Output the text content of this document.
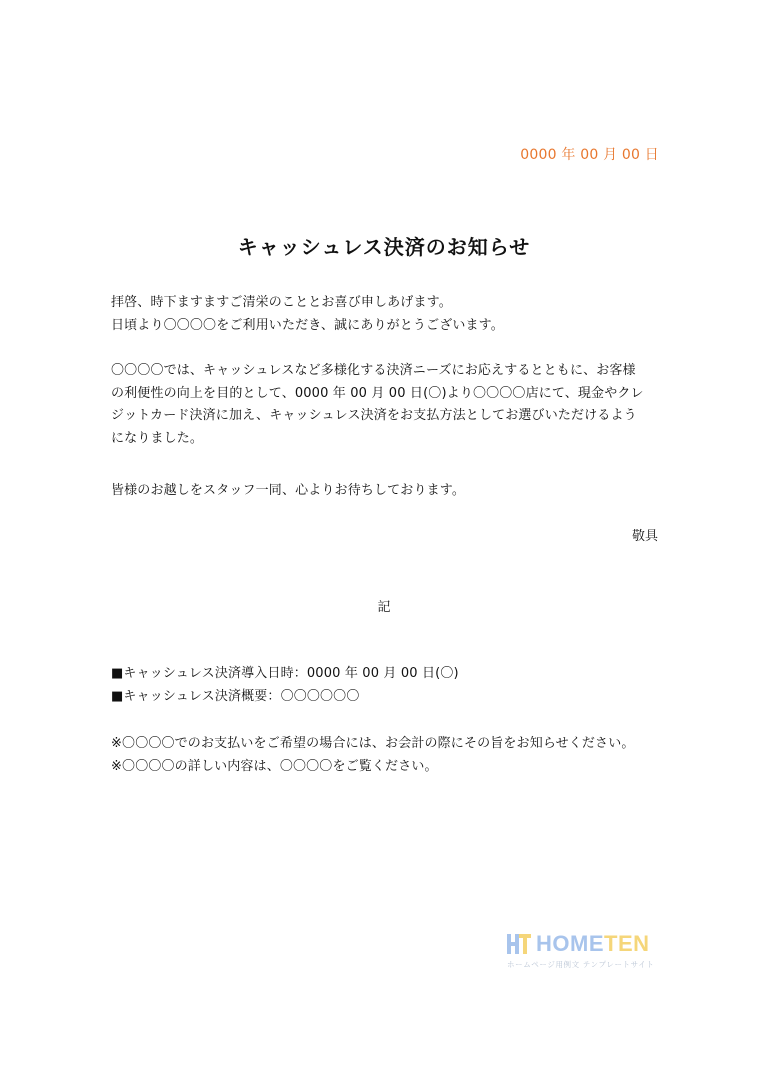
0000 年 00 月 00 日
キャッシュレス決済のお知らせ
拝啓、時下ますますご清栄のこととお喜び申しあげます。
日頃より〇〇〇〇をご利用いただき、誠にありがとうございます。
〇〇〇〇では、キャッシュレスなど多様化する決済ニーズにお応えするとともに、お客様
の利便性の向上を目的として、0000 年 00 月 00 日(〇)より〇〇〇〇店にて、現金やクレ
ジットカード決済に加え、キャッシュレス決済をお支払方法としてお選びいただけるよう
になりました。
皆様のお越しをスタッフ一同、心よりお待ちしております。
敬具
記
■キャッシュレス決済導入日時：0000 年 00 月 00 日(〇)
■キャッシュレス決済概要：〇〇〇〇〇〇
※〇〇〇〇でのお支払いをご希望の場合には、お会計の際にその旨をお知らせください。
※〇〇〇〇の詳しい内容は、〇〇〇〇をご覧ください。
HOMETEN
ホームページ用例文 テンプレートサイト
